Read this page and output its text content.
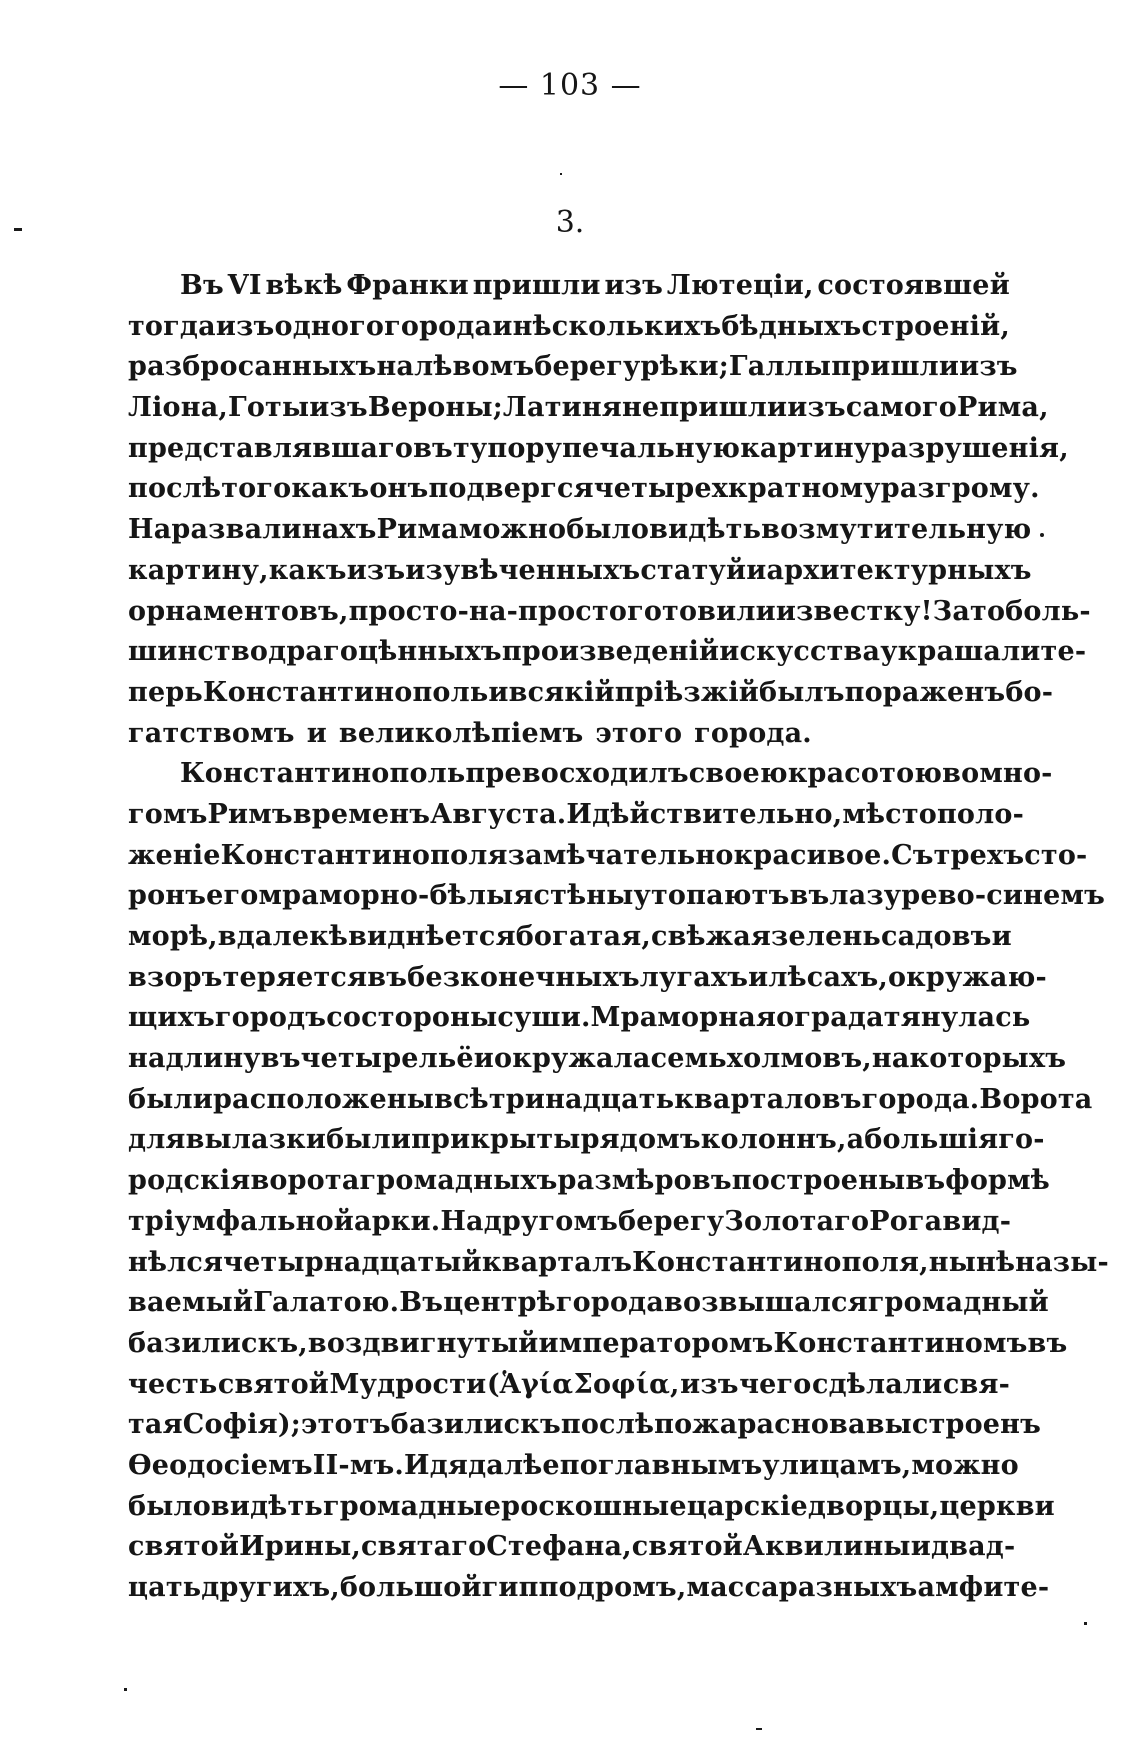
— 103 —
3.
Въ VI вѣкѣ Франки пришли изъ Лютеціи, состоявшей
тогда изъ одного города и нѣсколькихъ бѣдныхъ строеній,
разбросанныхъ на лѣвомъ берегу рѣки; Галлы пришли изъ
Ліона, Готы изъ Вероны; Латиняне пришли изъ самого Рима,
представлявшаго въ ту пору печальную картину разрушенія,
послѣ того какъ онъ подвергся четырехкратному разгрому.
На развалинахъ Рима можно было видѣть возмутительную
картину, какъ изъ изувѣченныхъ статуй и архитектурныхъ
орнаментовъ, просто-на-просто готовили известку! За то боль-
шинство драгоцѣнныхъ произведеній искусства украшали те-
перь Константинополь и всякій пріѣзжій былъ пораженъ бо-
гатствомъ и великолѣпіемъ этого города.
Константинополь превосходилъ своею красотою во мно-
гомъ Римъ временъ Августа. И дѣйствительно, мѣстополо-
женіе Константинополя замѣчательно красивое. Съ трехъ сто-
ронъ его мраморно-бѣлыя стѣны утопаютъ въ лазурево-синемъ
морѣ, вдалекѣ виднѣется богатая, свѣжая зелень садовъ и
взоръ теряется въ безконечныхъ лугахъ и лѣсахъ, окружаю-
щихъ городъ со стороны суши. Мраморная ограда тянулась
на длину въ четыре льё и окружала семь холмовъ, на которыхъ
были расположены всѣ тринадцать кварталовъ города. Ворота
для вылазки были прикрыты рядомъ колоннъ, а большія го-
родскія ворота громадныхъ размѣровъ построены въ формѣ
тріумфальной арки. На другомъ берегу Золотаго Рога вид-
нѣлся четырнадцатый кварталъ Константинополя, нынѣ назы-
ваемый Галатою. Въ центрѣ города возвышался громадный
базилискъ, воздвигнутый императоромъ Константиномъ въ
честь святой Мудрости (Ἁγία Σοφία, изъ чего сдѣлали свя-
тая Софія); этотъ базилискъ послѣ пожара снова выстроенъ
Ѳеодосіемъ II-мъ. Идя далѣе по главнымъ улицамъ, можно
было видѣть громадные роскошные царскіе дворцы, церкви
святой Ирины, святаго Стефана, святой Аквилины и двад-
цать другихъ, большой гипподромъ, масса разныхъ амфите-
